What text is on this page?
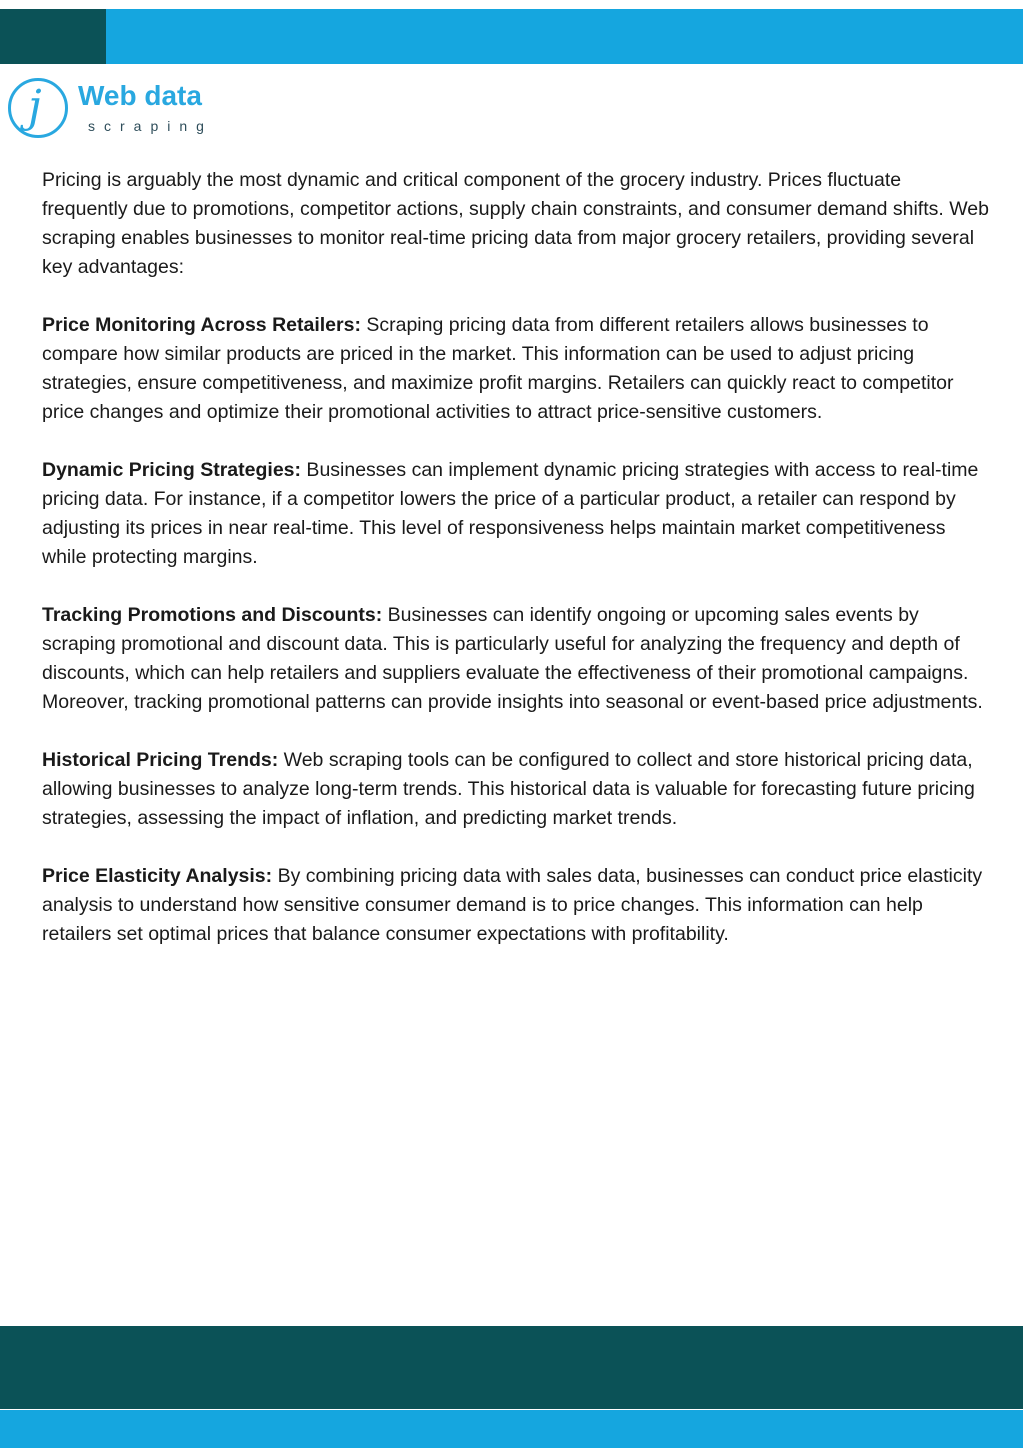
j Web data
scraping

Pricing is arguably the most dynamic and critical component of the grocery industry. Prices fluctuate frequently due to promotions, competitor actions, supply chain constraints, and consumer demand shifts. Web scraping enables businesses to monitor real-time pricing data from major grocery retailers, providing several key advantages:

Price Monitoring Across Retailers: Scraping pricing data from different retailers allows businesses to compare how similar products are priced in the market. This information can be used to adjust pricing strategies, ensure competitiveness, and maximize profit margins. Retailers can quickly react to competitor price changes and optimize their promotional activities to attract price-sensitive customers.

Dynamic Pricing Strategies: Businesses can implement dynamic pricing strategies with access to real-time pricing data. For instance, if a competitor lowers the price of a particular product, a retailer can respond by adjusting its prices in near real-time. This level of responsiveness helps maintain market competitiveness while protecting margins.

Tracking Promotions and Discounts: Businesses can identify ongoing or upcoming sales events by scraping promotional and discount data. This is particularly useful for analyzing the frequency and depth of discounts, which can help retailers and suppliers evaluate the effectiveness of their promotional campaigns. Moreover, tracking promotional patterns can provide insights into seasonal or event-based price adjustments.

Historical Pricing Trends: Web scraping tools can be configured to collect and store historical pricing data, allowing businesses to analyze long-term trends. This historical data is valuable for forecasting future pricing strategies, assessing the impact of inflation, and predicting market trends.

Price Elasticity Analysis: By combining pricing data with sales data, businesses can conduct price elasticity analysis to understand how sensitive consumer demand is to price changes. This information can help retailers set optimal prices that balance consumer expectations with profitability.
